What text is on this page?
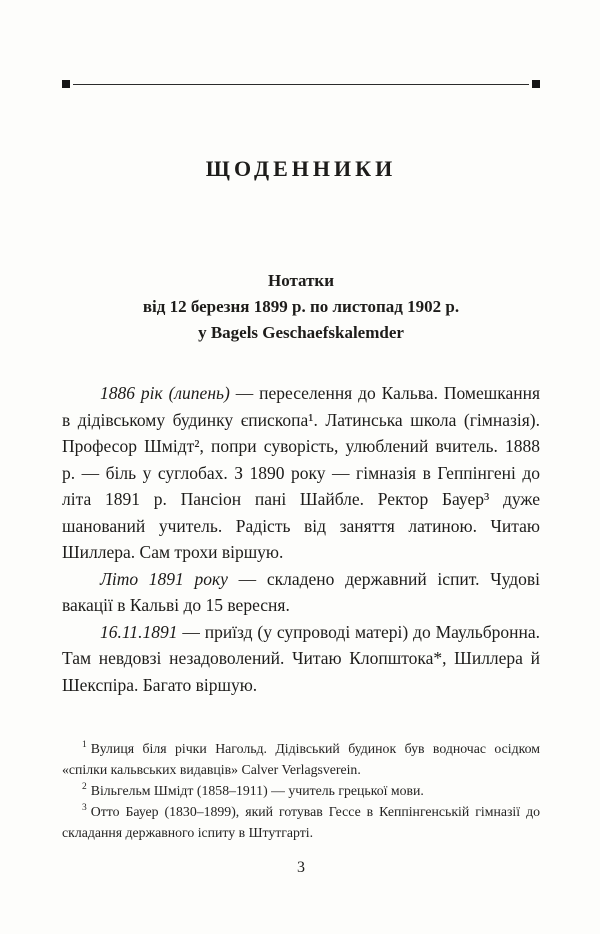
ЩОДЕННИКИ
Нотатки
від 12 березня 1899 р. по листопад 1902 р.
у Bagels Geschaefskalemder

1886 рік (липень) — переселення до Кальва. Помешкання в дідівському будинку єпископа¹. Латинська школа (гімназія). Професор Шмідт², попри суворість, улюблений вчитель. 1888 р. — біль у суглобах. З 1890 року — гімназія в Геппінгені до літа 1891 р. Пансіон пані Шайбле. Ректор Бауер³ дуже шанований учитель. Радість від заняття латиною. Читаю Шиллера. Сам трохи віршую.

Літо 1891 року — складено державний іспит. Чудові вакації в Кальві до 15 вересня.

16.11.1891 — приїзд (у супроводі матері) до Маульбронна. Там невдовзі незадоволений. Читаю Клопштока*, Шиллера й Шекспіра. Багато віршую.

$^1$ Вулиця біля річки Нагольд. Дідівський будинок був водночас осідком «спілки кальвських видавців» Calver Verlagsverein.

$^2$ Вільгельм Шмідт (1858–1911) — учитель грецької мови.

$^3$ Отто Бауер (1830–1899), який готував Гессе в Кеппінгенській гімназії до складання державного іспиту в Штутгарті.

3
